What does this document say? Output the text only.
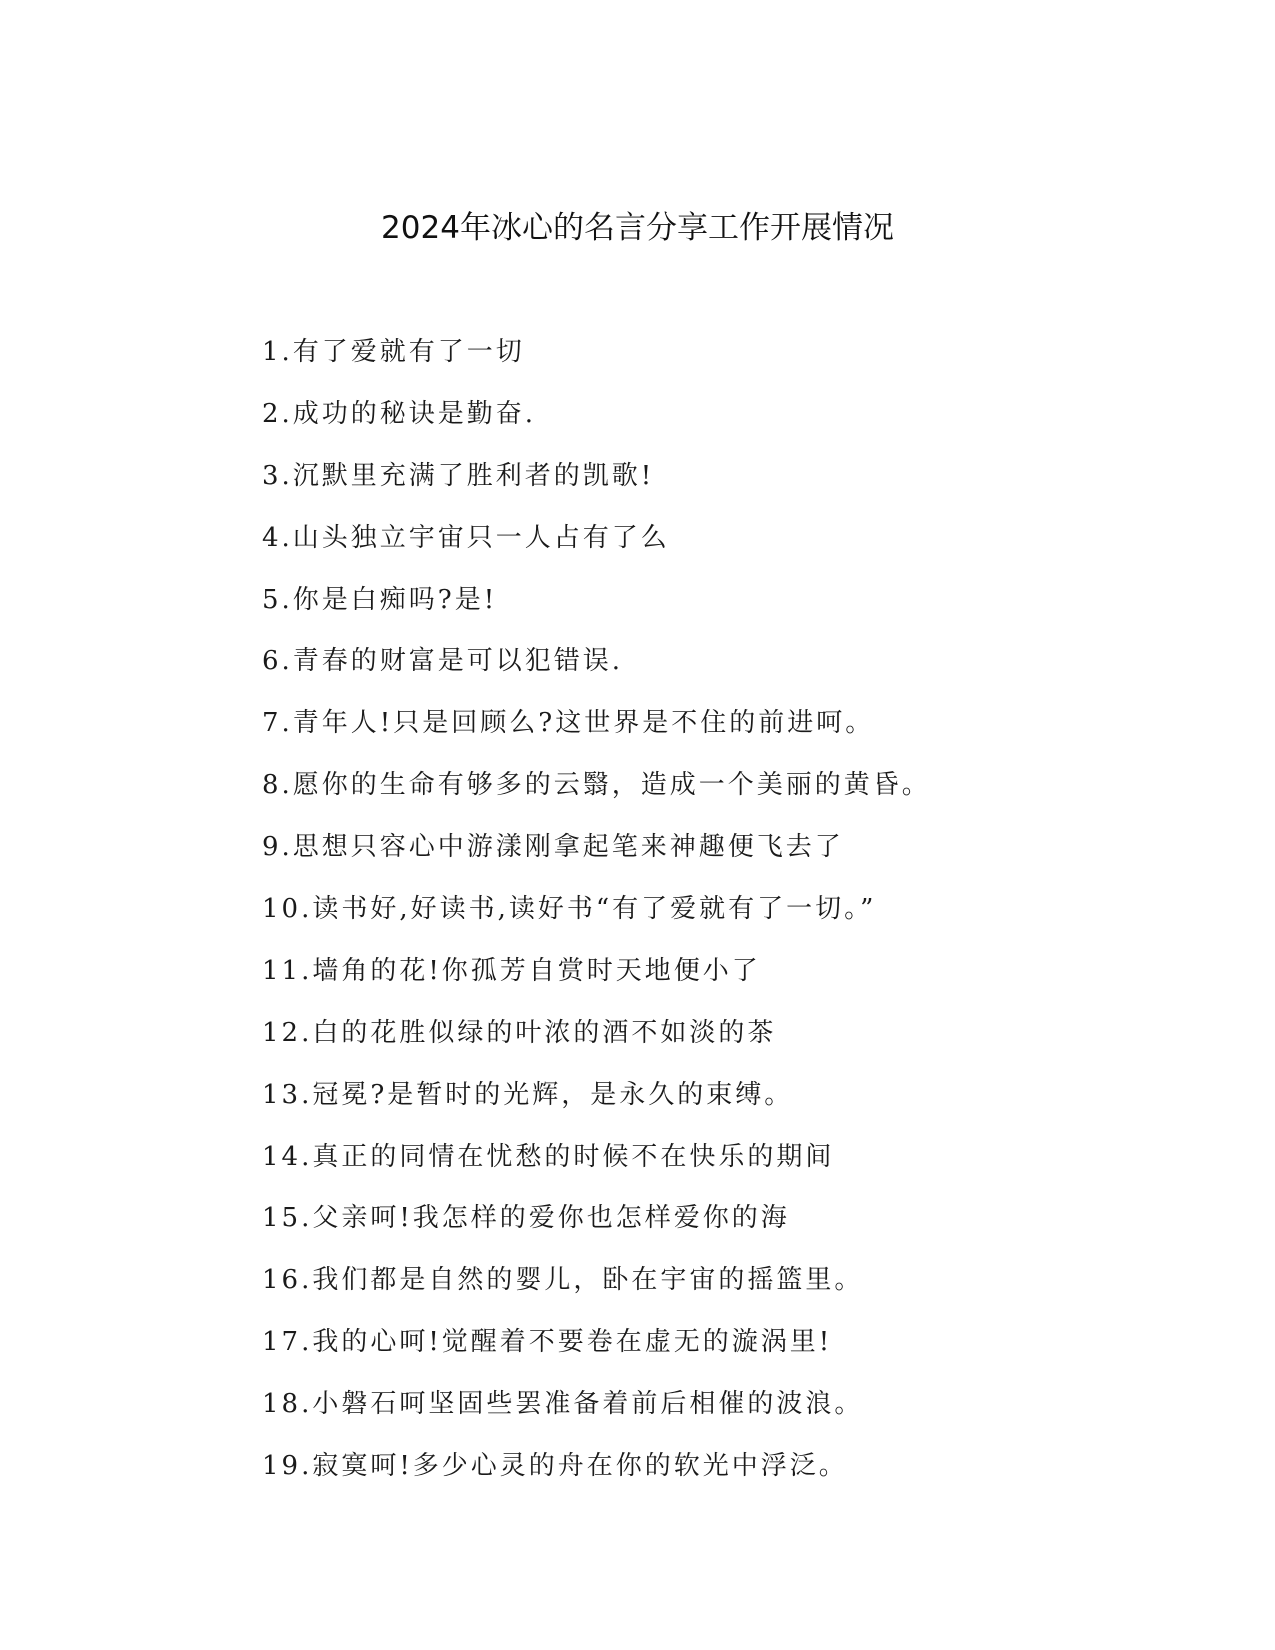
2024年冰心的名言分享工作开展情况
1.有了爱就有了一切
2.成功的秘诀是勤奋.
3.沉默里充满了胜利者的凯歌!
4.山头独立宇宙只一人占有了么
5.你是白痴吗?是!
6.青春的财富是可以犯错误.
7.青年人!只是回顾么?这世界是不住的前进呵。
8.愿你的生命有够多的云翳，造成一个美丽的黄昏。
9.思想只容心中游漾刚拿起笔来神趣便飞去了
10.读书好,好读书,读好书“有了爱就有了一切。”
11.墙角的花!你孤芳自赏时天地便小了
12.白的花胜似绿的叶浓的酒不如淡的茶
13.冠冕?是暂时的光辉，是永久的束缚。
14.真正的同情在忧愁的时候不在快乐的期间
15.父亲呵!我怎样的爱你也怎样爱你的海
16.我们都是自然的婴儿，卧在宇宙的摇篮里。
17.我的心呵!觉醒着不要卷在虚无的漩涡里!
18.小磐石呵坚固些罢准备着前后相催的波浪。
19.寂寞呵!多少心灵的舟在你的软光中浮泛。
